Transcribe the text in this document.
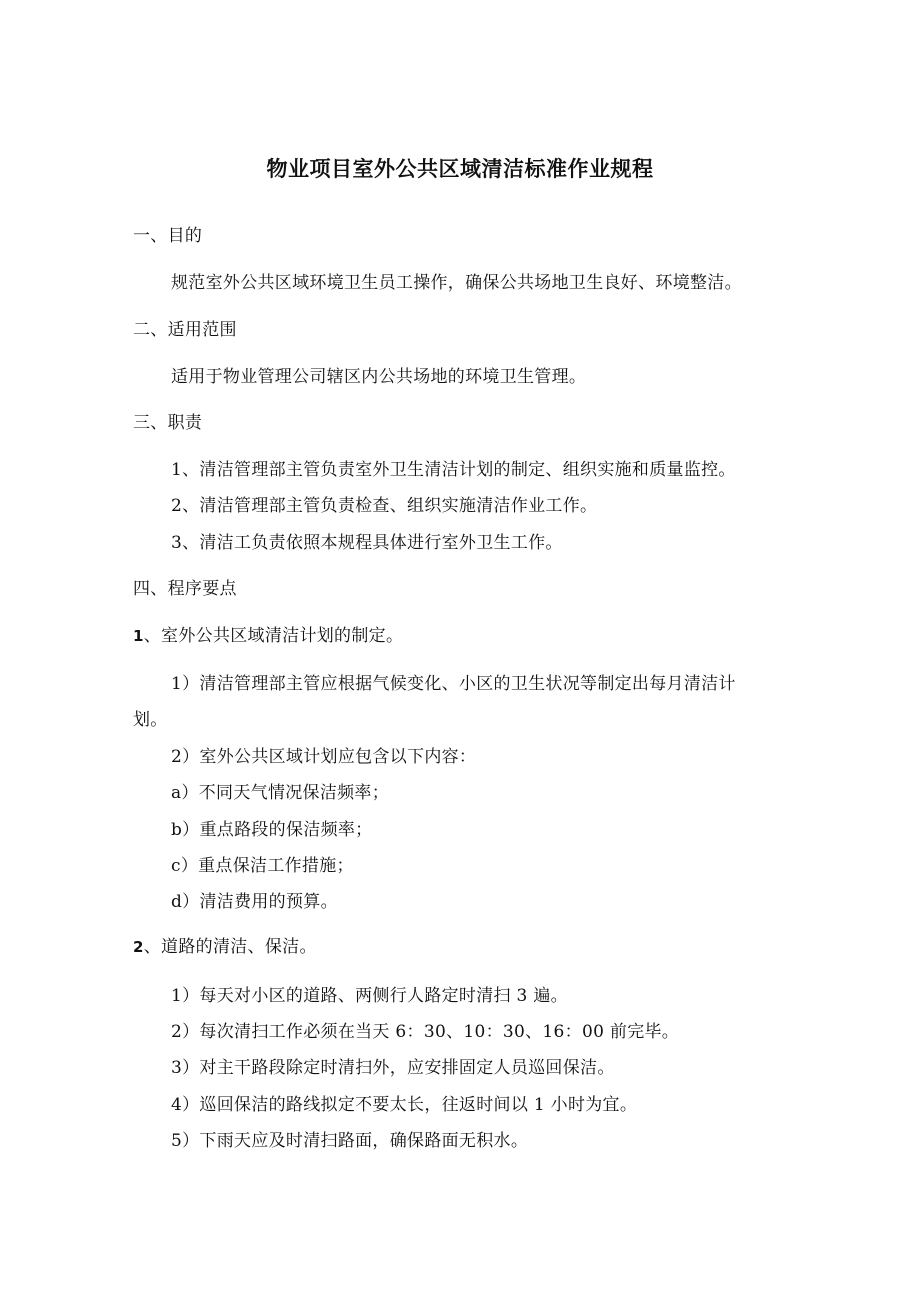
物业项目室外公共区域清洁标准作业规程
一、目的
规范室外公共区域环境卫生员工操作，确保公共场地卫生良好、环境整洁。
二、适用范围
适用于物业管理公司辖区内公共场地的环境卫生管理。
三、职责
1、清洁管理部主管负责室外卫生清洁计划的制定、组织实施和质量监控。
2、清洁管理部主管负责检查、组织实施清洁作业工作。
3、清洁工负责依照本规程具体进行室外卫生工作。
四、程序要点
1、室外公共区域清洁计划的制定。
1）清洁管理部主管应根据气候变化、小区的卫生状况等制定出每月清洁计
划。
2）室外公共区域计划应包含以下内容：
a）不同天气情况保洁频率；
b）重点路段的保洁频率；
c）重点保洁工作措施；
d）清洁费用的预算。
2、道路的清洁、保洁。
1）每天对小区的道路、两侧行人路定时清扫 3 遍。
2）每次清扫工作必须在当天 6：30、10：30、16：00 前完毕。
3）对主干路段除定时清扫外，应安排固定人员巡回保洁。
4）巡回保洁的路线拟定不要太长，往返时间以 1 小时为宜。
5）下雨天应及时清扫路面，确保路面无积水。
